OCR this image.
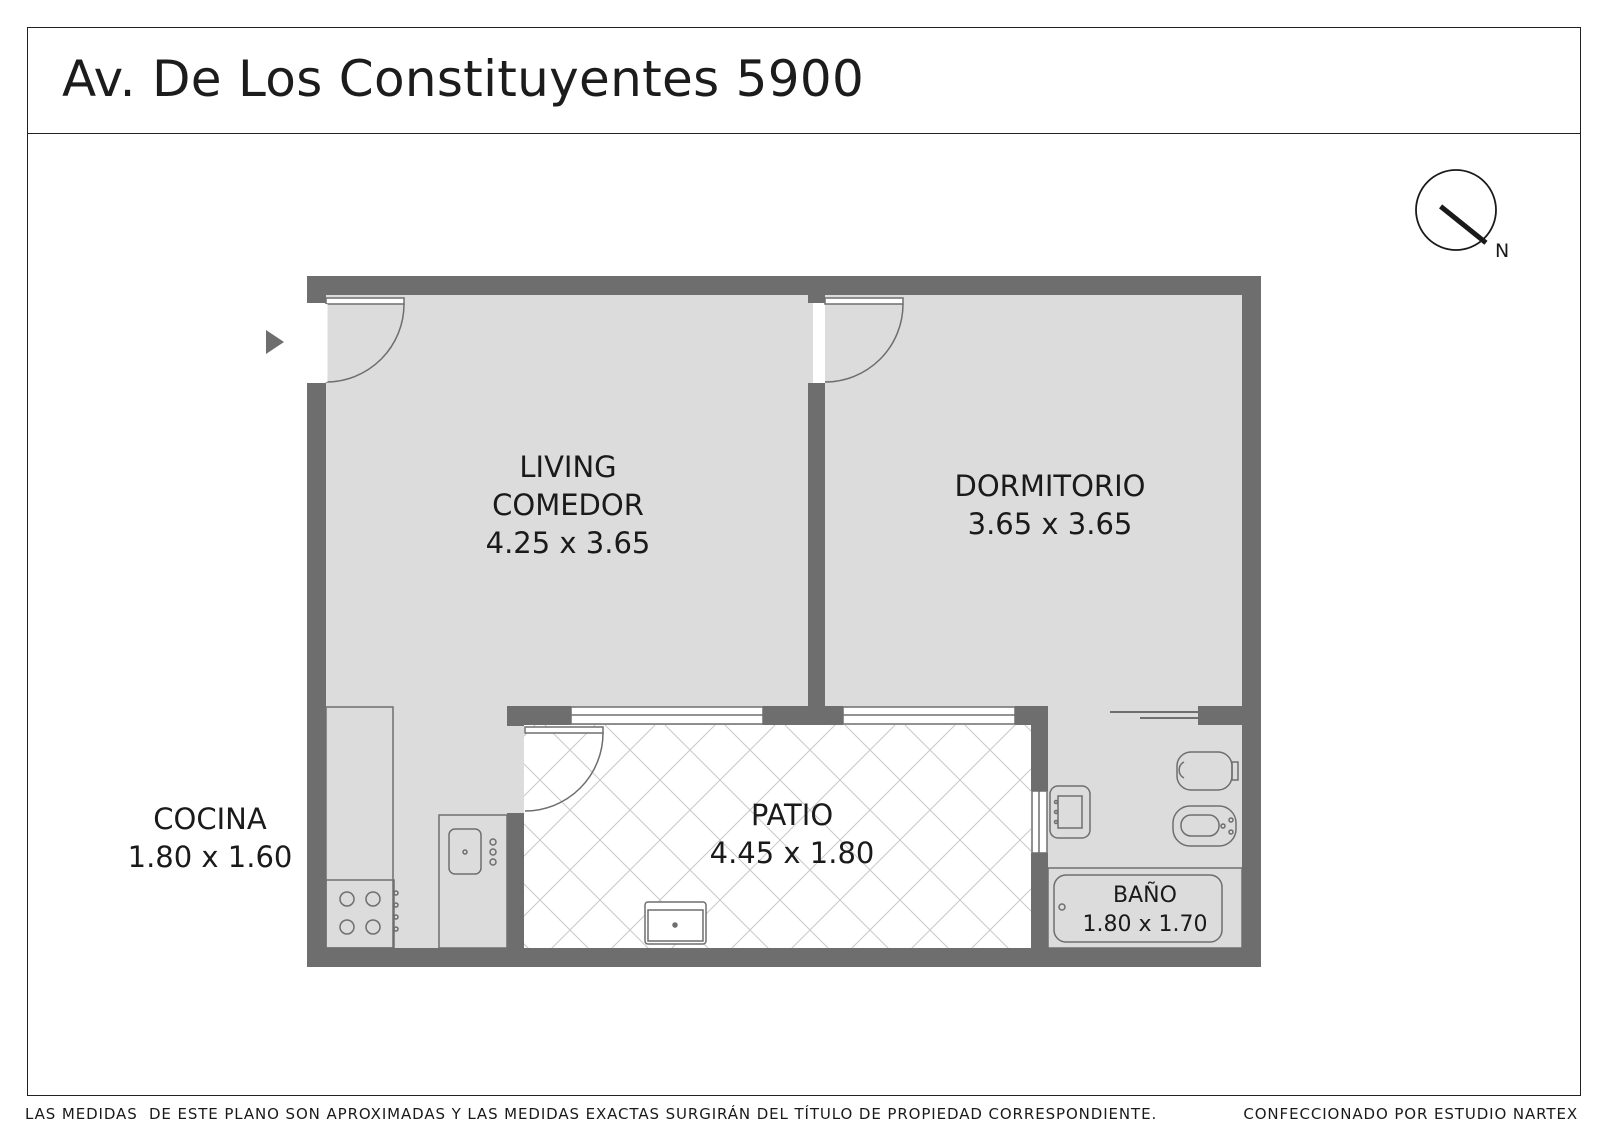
Av. De Los Constituyentes 5900
N
LIVING
COMEDOR
4.25 x 3.65
DORMITORIO
3.65 x 3.65
COCINA
1.80 x 1.60
PATIO
4.45 x 1.80
BAÑO
1.80 x 1.70
LAS MEDIDAS  DE ESTE PLANO SON APROXIMADAS Y LAS MEDIDAS EXACTAS SURGIRÁN DEL TÍTULO DE PROPIEDAD CORRESPONDIENTE.	CONFECCIONADO POR ESTUDIO NARTEX
